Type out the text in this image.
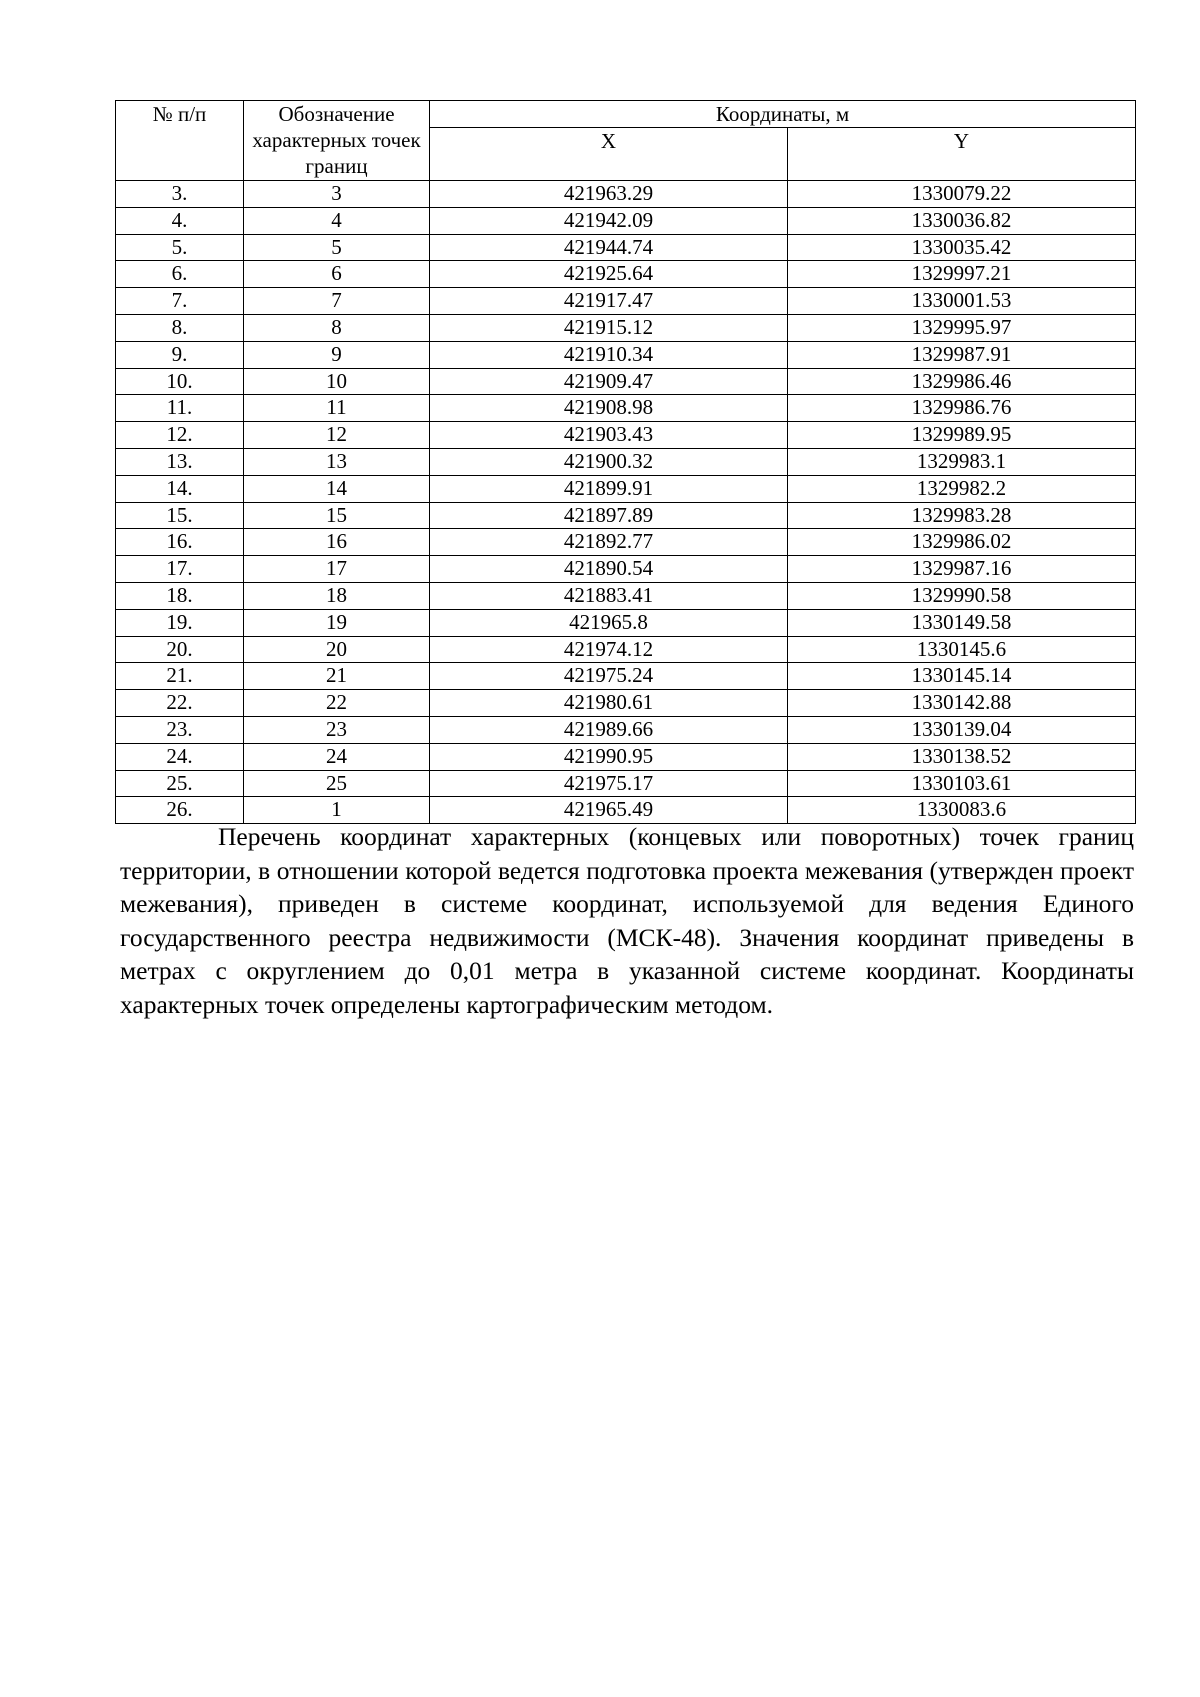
№ п/п	Обозначение характерных точек границ	Координаты, м	
		X	Y
3.	3	421963.29	1330079.22
4.	4	421942.09	1330036.82
5.	5	421944.74	1330035.42
6.	6	421925.64	1329997.21
7.	7	421917.47	1330001.53
8.	8	421915.12	1329995.97
9.	9	421910.34	1329987.91
10.	10	421909.47	1329986.46
11.	11	421908.98	1329986.76
12.	12	421903.43	1329989.95
13.	13	421900.32	1329983.1
14.	14	421899.91	1329982.2
15.	15	421897.89	1329983.28
16.	16	421892.77	1329986.02
17.	17	421890.54	1329987.16
18.	18	421883.41	1329990.58
19.	19	421965.8	1330149.58
20.	20	421974.12	1330145.6
21.	21	421975.24	1330145.14
22.	22	421980.61	1330142.88
23.	23	421989.66	1330139.04
24.	24	421990.95	1330138.52
25.	25	421975.17	1330103.61
26.	1	421965.49	1330083.6

Перечень координат характерных (концевых или поворотных) точек границ территории, в отношении которой ведется подготовка проекта межевания (утвержден проект межевания), приведен в системе координат, используемой для ведения Единого государственного реестра недвижимости (МСК-48). Значения координат приведены в метрах с округлением до 0,01 метра в указанной системе координат. Координаты характерных точек определены картографическим методом.
